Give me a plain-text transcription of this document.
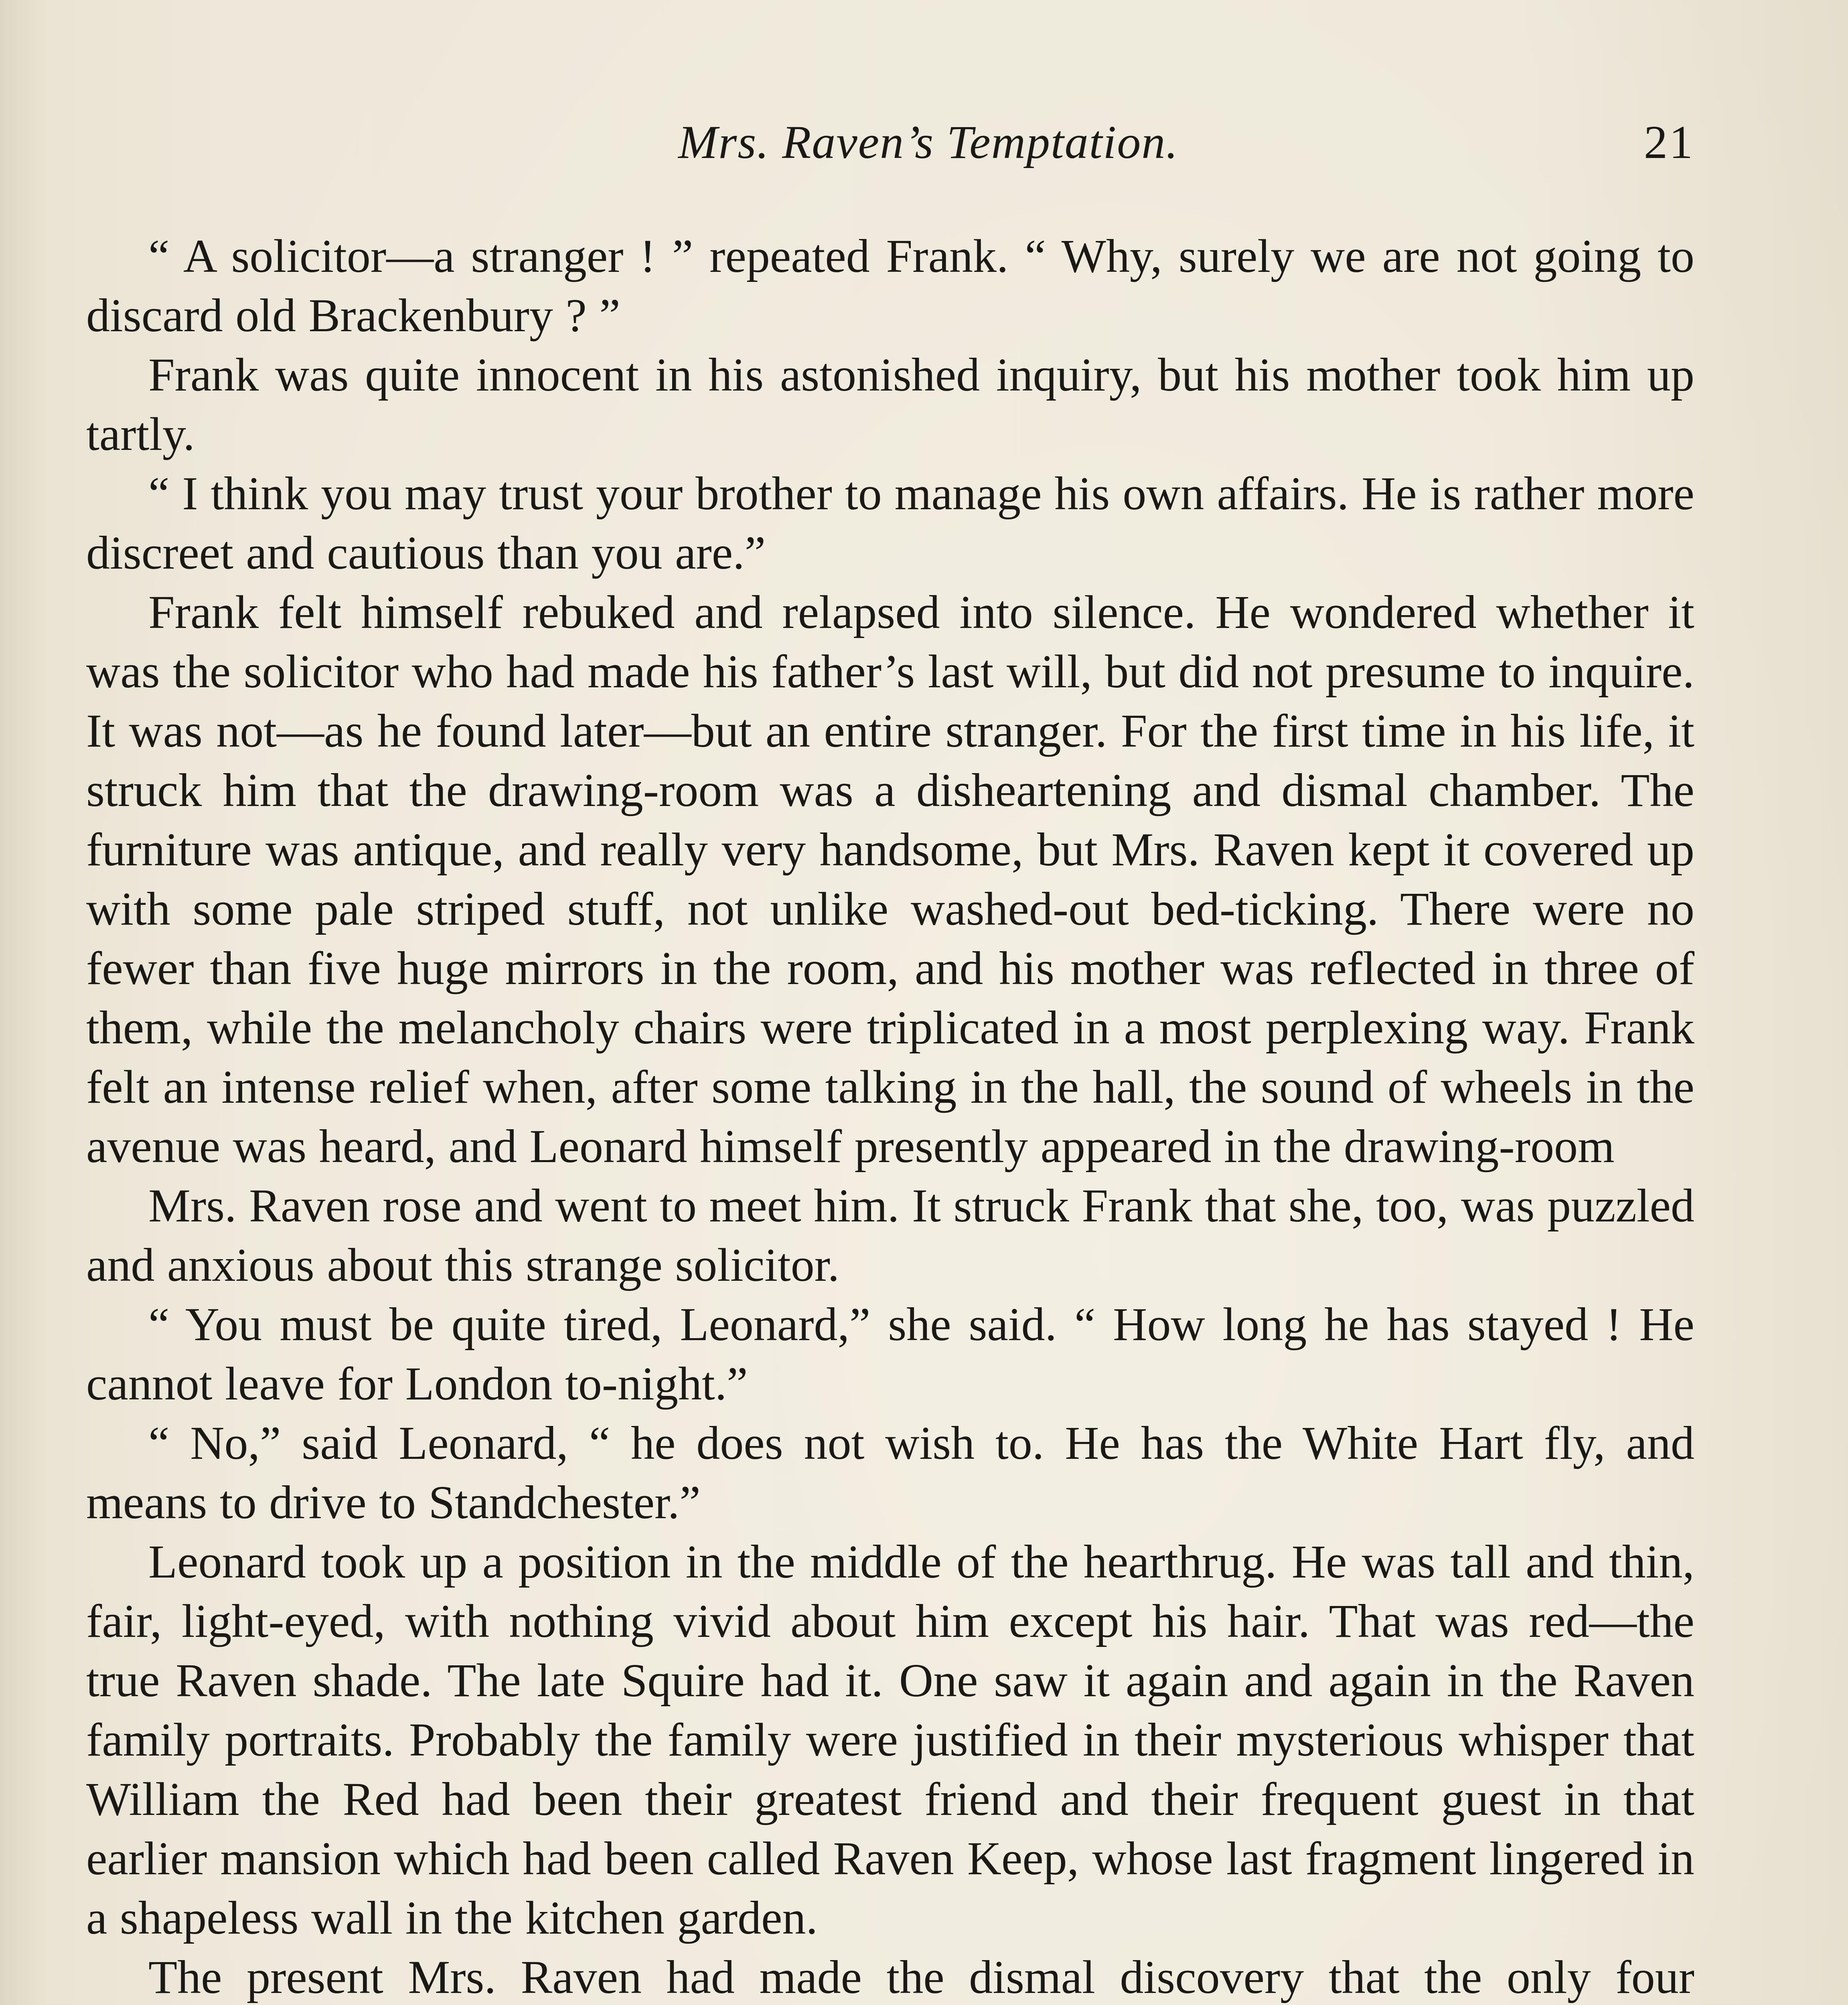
Mrs. Raven’s Temptation.	21

“ A solicitor—a stranger ! ” repeated Frank. “ Why, surely we are not going to discard old Brackenbury ? ”

Frank was quite innocent in his astonished inquiry, but his mother took him up tartly.

“ I think you may trust your brother to manage his own affairs. He is rather more discreet and cautious than you are.”

Frank felt himself rebuked and relapsed into silence. He wondered whether it was the solicitor who had made his father’s last will, but did not presume to inquire. It was not—as he found later—but an entire stranger. For the first time in his life, it struck him that the drawing-room was a disheartening and dismal chamber. The furniture was antique, and really very handsome, but Mrs. Raven kept it covered up with some pale striped stuff, not unlike washed-out bed-ticking. There were no fewer than five huge mirrors in the room, and his mother was reflected in three of them, while the melancholy chairs were triplicated in a most perplexing way. Frank felt an intense relief when, after some talking in the hall, the sound of wheels in the avenue was heard, and Leonard himself presently appeared in the drawing-room

Mrs. Raven rose and went to meet him. It struck Frank that she, too, was puzzled and anxious about this strange solicitor.

“ You must be quite tired, Leonard,” she said. “ How long he has stayed ! He cannot leave for London to-night.”

“ No,” said Leonard, “ he does not wish to. He has the White Hart fly, and means to drive to Standchester.”

Leonard took up a position in the middle of the hearthrug. He was tall and thin, fair, light-eyed, with nothing vivid about him except his hair. That was red—the true Raven shade. The late Squire had it. One saw it again and again in the Raven family portraits. Probably the family were justified in their mysterious whisper that William the Red had been their greatest friend and their frequent guest in that earlier mansion which had been called Raven Keep, whose last fragment lingered in a shapeless wall in the kitchen garden.

The present Mrs. Raven had made the dismal discovery that the only four
